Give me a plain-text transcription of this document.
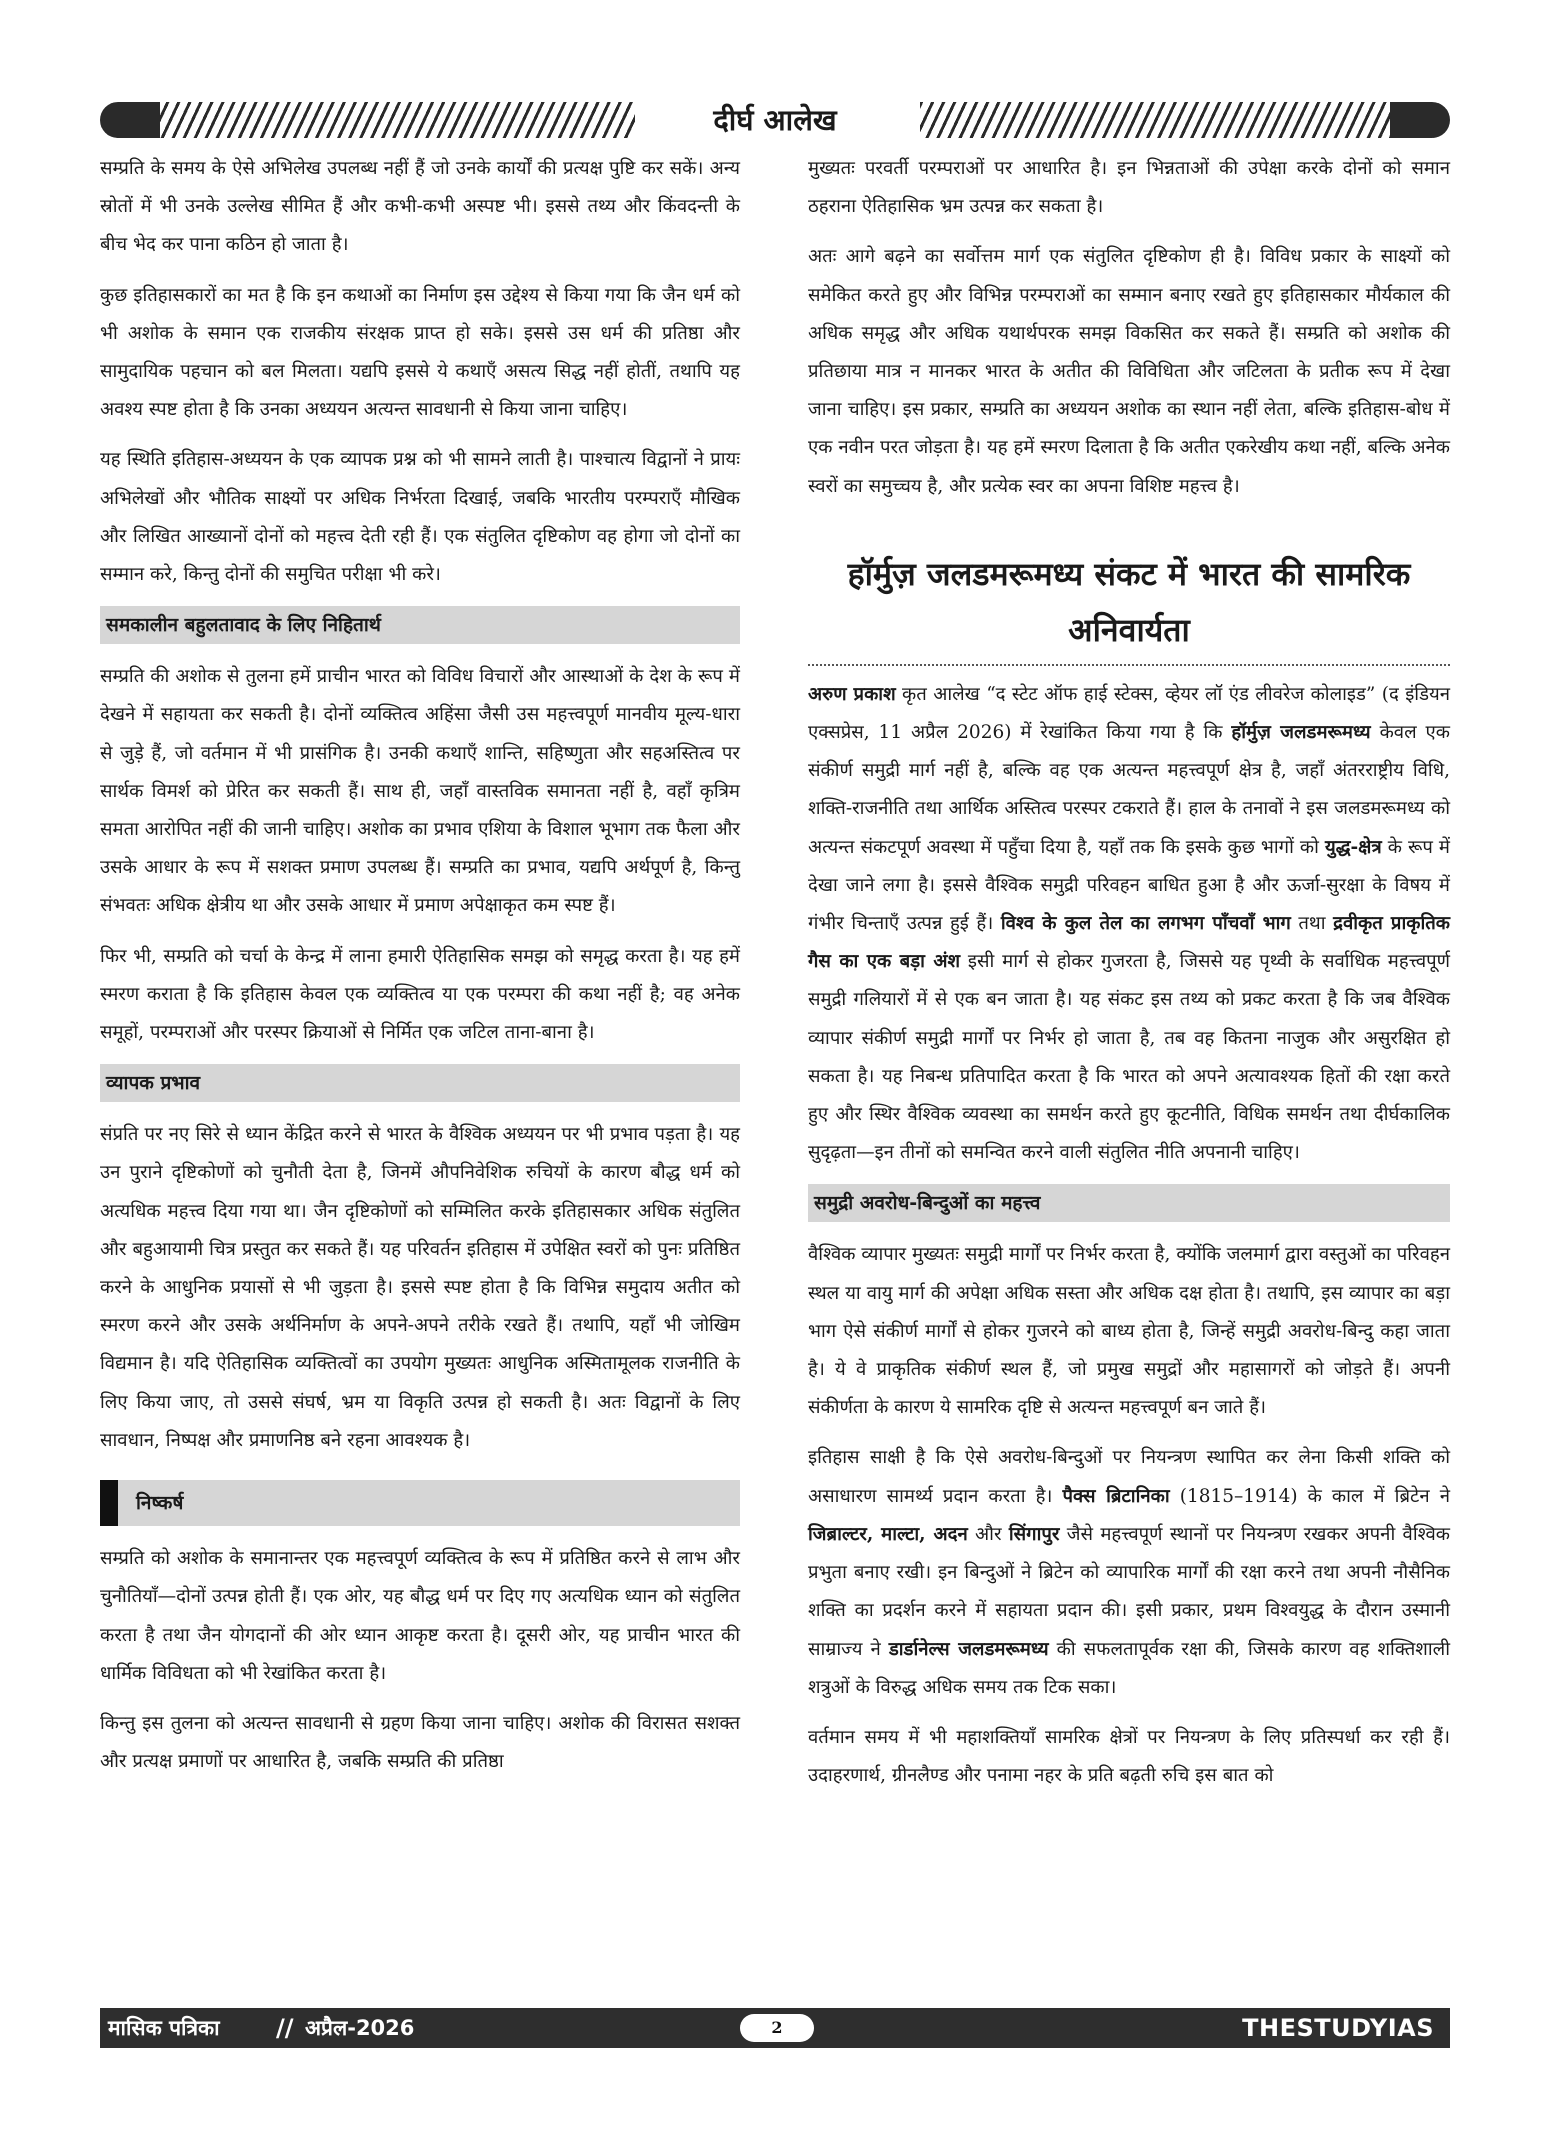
दीर्घ आलेख

सम्प्रति के समय के ऐसे अभिलेख उपलब्ध नहीं हैं जो उनके कार्यों की प्रत्यक्ष पुष्टि कर सकें। अन्य स्रोतों में भी उनके उल्लेख सीमित हैं और कभी-कभी अस्पष्ट भी। इससे तथ्य और किंवदन्ती के बीच भेद कर पाना कठिन हो जाता है।

कुछ इतिहासकारों का मत है कि इन कथाओं का निर्माण इस उद्देश्य से किया गया कि जैन धर्म को भी अशोक के समान एक राजकीय संरक्षक प्राप्त हो सके। इससे उस धर्म की प्रतिष्ठा और सामुदायिक पहचान को बल मिलता। यद्यपि इससे ये कथाएँ असत्य सिद्ध नहीं होतीं, तथापि यह अवश्य स्पष्ट होता है कि उनका अध्ययन अत्यन्त सावधानी से किया जाना चाहिए।

यह स्थिति इतिहास-अध्ययन के एक व्यापक प्रश्न को भी सामने लाती है। पाश्चात्य विद्वानों ने प्रायः अभिलेखों और भौतिक साक्ष्यों पर अधिक निर्भरता दिखाई, जबकि भारतीय परम्पराएँ मौखिक और लिखित आख्यानों दोनों को महत्त्व देती रही हैं। एक संतुलित दृष्टिकोण वह होगा जो दोनों का सम्मान करे, किन्तु दोनों की समुचित परीक्षा भी करे।

समकालीन बहुलतावाद के लिए निहितार्थ

सम्प्रति की अशोक से तुलना हमें प्राचीन भारत को विविध विचारों और आस्थाओं के देश के रूप में देखने में सहायता कर सकती है। दोनों व्यक्तित्व अहिंसा जैसी उस महत्त्वपूर्ण मानवीय मूल्य-धारा से जुड़े हैं, जो वर्तमान में भी प्रासंगिक है। उनकी कथाएँ शान्ति, सहिष्णुता और सहअस्तित्व पर सार्थक विमर्श को प्रेरित कर सकती हैं। साथ ही, जहाँ वास्तविक समानता नहीं है, वहाँ कृत्रिम समता आरोपित नहीं की जानी चाहिए। अशोक का प्रभाव एशिया के विशाल भूभाग तक फैला और उसके आधार के रूप में सशक्त प्रमाण उपलब्ध हैं। सम्प्रति का प्रभाव, यद्यपि अर्थपूर्ण है, किन्तु संभवतः अधिक क्षेत्रीय था और उसके आधार में प्रमाण अपेक्षाकृत कम स्पष्ट हैं।

फिर भी, सम्प्रति को चर्चा के केन्द्र में लाना हमारी ऐतिहासिक समझ को समृद्ध करता है। यह हमें स्मरण कराता है कि इतिहास केवल एक व्यक्तित्व या एक परम्परा की कथा नहीं है; वह अनेक समूहों, परम्पराओं और परस्पर क्रियाओं से निर्मित एक जटिल ताना-बाना है।

व्यापक प्रभाव

संप्रति पर नए सिरे से ध्यान केंद्रित करने से भारत के वैश्विक अध्ययन पर भी प्रभाव पड़ता है। यह उन पुराने दृष्टिकोणों को चुनौती देता है, जिनमें औपनिवेशिक रुचियों के कारण बौद्ध धर्म को अत्यधिक महत्त्व दिया गया था। जैन दृष्टिकोणों को सम्मिलित करके इतिहासकार अधिक संतुलित और बहुआयामी चित्र प्रस्तुत कर सकते हैं। यह परिवर्तन इतिहास में उपेक्षित स्वरों को पुनः प्रतिष्ठित करने के आधुनिक प्रयासों से भी जुड़ता है। इससे स्पष्ट होता है कि विभिन्न समुदाय अतीत को स्मरण करने और उसके अर्थनिर्माण के अपने-अपने तरीके रखते हैं। तथापि, यहाँ भी जोखिम विद्यमान है। यदि ऐतिहासिक व्यक्तित्वों का उपयोग मुख्यतः आधुनिक अस्मितामूलक राजनीति के लिए किया जाए, तो उससे संघर्ष, भ्रम या विकृति उत्पन्न हो सकती है। अतः विद्वानों के लिए सावधान, निष्पक्ष और प्रमाणनिष्ठ बने रहना आवश्यक है।

निष्कर्ष

सम्प्रति को अशोक के समानान्तर एक महत्त्वपूर्ण व्यक्तित्व के रूप में प्रतिष्ठित करने से लाभ और चुनौतियाँ—दोनों उत्पन्न होती हैं। एक ओर, यह बौद्ध धर्म पर दिए गए अत्यधिक ध्यान को संतुलित करता है तथा जैन योगदानों की ओर ध्यान आकृष्ट करता है। दूसरी ओर, यह प्राचीन भारत की धार्मिक विविधता को भी रेखांकित करता है।

किन्तु इस तुलना को अत्यन्त सावधानी से ग्रहण किया जाना चाहिए। अशोक की विरासत सशक्त और प्रत्यक्ष प्रमाणों पर आधारित है, जबकि सम्प्रति की प्रतिष्ठा

मुख्यतः परवर्ती परम्पराओं पर आधारित है। इन भिन्नताओं की उपेक्षा करके दोनों को समान ठहराना ऐतिहासिक भ्रम उत्पन्न कर सकता है।

अतः आगे बढ़ने का सर्वोत्तम मार्ग एक संतुलित दृष्टिकोण ही है। विविध प्रकार के साक्ष्यों को समेकित करते हुए और विभिन्न परम्पराओं का सम्मान बनाए रखते हुए इतिहासकार मौर्यकाल की अधिक समृद्ध और अधिक यथार्थपरक समझ विकसित कर सकते हैं। सम्प्रति को अशोक की प्रतिछाया मात्र न मानकर भारत के अतीत की विविधिता और जटिलता के प्रतीक रूप में देखा जाना चाहिए। इस प्रकार, सम्प्रति का अध्ययन अशोक का स्थान नहीं लेता, बल्कि इतिहास-बोध में एक नवीन परत जोड़ता है। यह हमें स्मरण दिलाता है कि अतीत एकरेखीय कथा नहीं, बल्कि अनेक स्वरों का समुच्चय है, और प्रत्येक स्वर का अपना विशिष्ट महत्त्व है।

हॉर्मुज़ जलडमरूमध्य संकट में भारत की सामरिक अनिवार्यता

अरुण प्रकाश कृत आलेख “द स्टेट ऑफ हाई स्टेक्स, व्हेयर लॉ एंड लीवरेज कोलाइड” (द इंडियन एक्सप्रेस, 11 अप्रैल 2026) में रेखांकित किया गया है कि हॉर्मुज़ जलडमरूमध्य केवल एक संकीर्ण समुद्री मार्ग नहीं है, बल्कि वह एक अत्यन्त महत्त्वपूर्ण क्षेत्र है, जहाँ अंतरराष्ट्रीय विधि, शक्ति-राजनीति तथा आर्थिक अस्तित्व परस्पर टकराते हैं। हाल के तनावों ने इस जलडमरूमध्य को अत्यन्त संकटपूर्ण अवस्था में पहुँचा दिया है, यहाँ तक कि इसके कुछ भागों को युद्ध-क्षेत्र के रूप में देखा जाने लगा है। इससे वैश्विक समुद्री परिवहन बाधित हुआ है और ऊर्जा-सुरक्षा के विषय में गंभीर चिन्ताएँ उत्पन्न हुई हैं। विश्व के कुल तेल का लगभग पाँचवाँ भाग तथा द्रवीकृत प्राकृतिक गैस का एक बड़ा अंश इसी मार्ग से होकर गुजरता है, जिससे यह पृथ्वी के सर्वाधिक महत्त्वपूर्ण समुद्री गलियारों में से एक बन जाता है। यह संकट इस तथ्य को प्रकट करता है कि जब वैश्विक व्यापार संकीर्ण समुद्री मार्गों पर निर्भर हो जाता है, तब वह कितना नाजुक और असुरक्षित हो सकता है। यह निबन्ध प्रतिपादित करता है कि भारत को अपने अत्यावश्यक हितों की रक्षा करते हुए और स्थिर वैश्विक व्यवस्था का समर्थन करते हुए कूटनीति, विधिक समर्थन तथा दीर्घकालिक सुदृढ़ता—इन तीनों को समन्वित करने वाली संतुलित नीति अपनानी चाहिए।

समुद्री अवरोध-बिन्दुओं का महत्त्व

वैश्विक व्यापार मुख्यतः समुद्री मार्गों पर निर्भर करता है, क्योंकि जलमार्ग द्वारा वस्तुओं का परिवहन स्थल या वायु मार्ग की अपेक्षा अधिक सस्ता और अधिक दक्ष होता है। तथापि, इस व्यापार का बड़ा भाग ऐसे संकीर्ण मार्गों से होकर गुजरने को बाध्य होता है, जिन्हें समुद्री अवरोध-बिन्दु कहा जाता है। ये वे प्राकृतिक संकीर्ण स्थल हैं, जो प्रमुख समुद्रों और महासागरों को जोड़ते हैं। अपनी संकीर्णता के कारण ये सामरिक दृष्टि से अत्यन्त महत्त्वपूर्ण बन जाते हैं।

इतिहास साक्षी है कि ऐसे अवरोध-बिन्दुओं पर नियन्त्रण स्थापित कर लेना किसी शक्ति को असाधारण सामर्थ्य प्रदान करता है। पैक्स ब्रिटानिका (1815–1914) के काल में ब्रिटेन ने जिब्राल्टर, माल्टा, अदन और सिंगापुर जैसे महत्त्वपूर्ण स्थानों पर नियन्त्रण रखकर अपनी वैश्विक प्रभुता बनाए रखी। इन बिन्दुओं ने ब्रिटेन को व्यापारिक मार्गों की रक्षा करने तथा अपनी नौसैनिक शक्ति का प्रदर्शन करने में सहायता प्रदान की। इसी प्रकार, प्रथम विश्वयुद्ध के दौरान उस्मानी साम्राज्य ने डार्डानेल्स जलडमरूमध्य की सफलतापूर्वक रक्षा की, जिसके कारण वह शक्तिशाली शत्रुओं के विरुद्ध अधिक समय तक टिक सका।

वर्तमान समय में भी महाशक्तियाँ सामरिक क्षेत्रों पर नियन्त्रण के लिए प्रतिस्पर्धा कर रही हैं। उदाहरणार्थ, ग्रीनलैण्ड और पनामा नहर के प्रति बढ़ती रुचि इस बात को

मासिक पत्रिका // अप्रैल-2026	2	THESTUDYIAS
